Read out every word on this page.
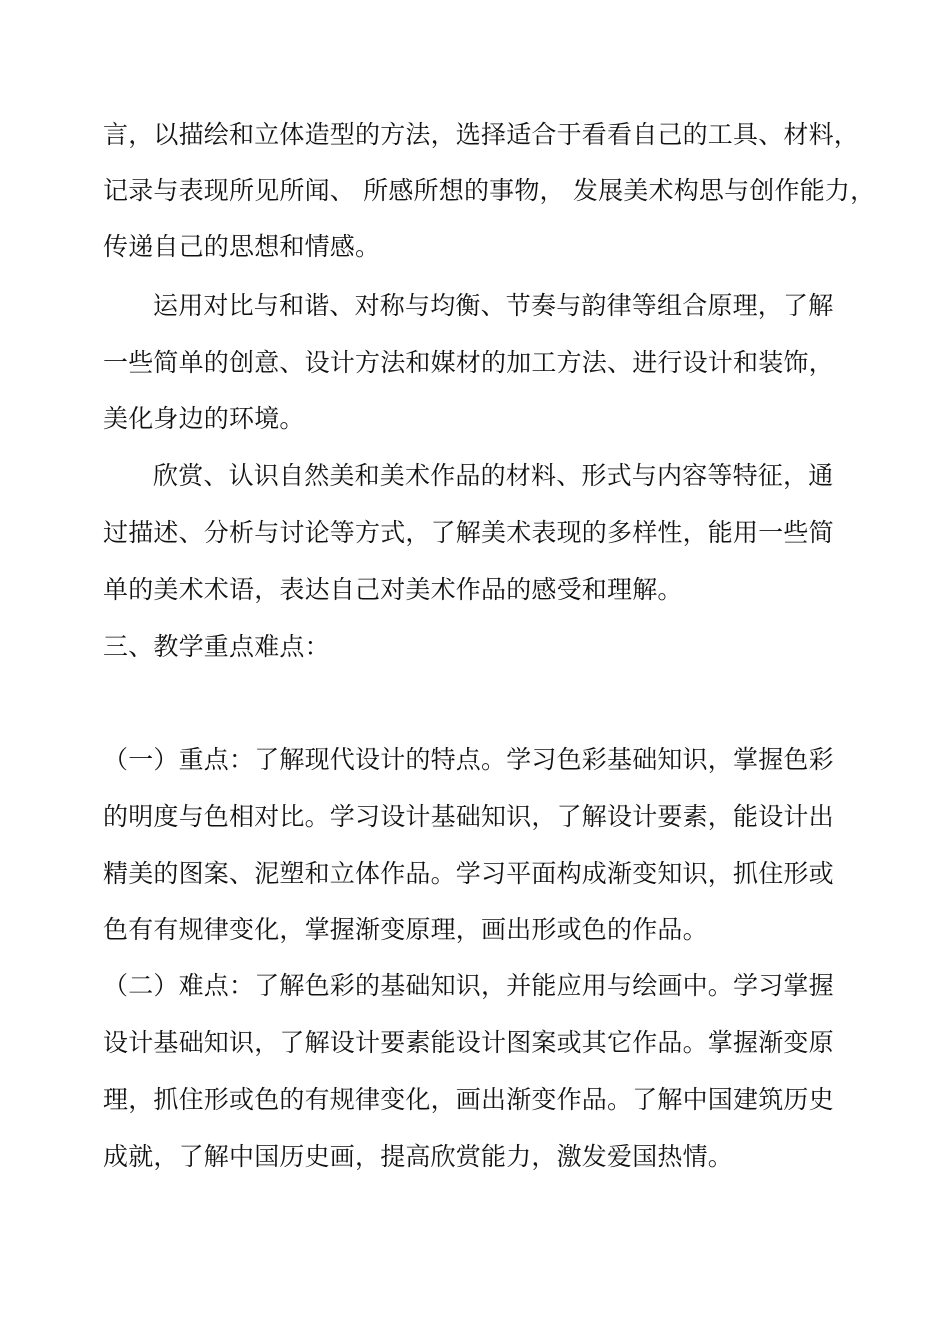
言，以描绘和立体造型的方法，选择适合于看看自己的工具、材料，
记录与表现所见所闻、 所感所想的事物， 发展美术构思与创作能力，
传递自己的思想和情感。
运用对比与和谐、对称与均衡、节奏与韵律等组合原理，了解
一些简单的创意、设计方法和媒材的加工方法、进行设计和装饰，
美化身边的环境。
欣赏、认识自然美和美术作品的材料、形式与内容等特征，通
过描述、分析与讨论等方式，了解美术表现的多样性，能用一些简
单的美术术语，表达自己对美术作品的感受和理解。
三、教学重点难点：
（一）重点：了解现代设计的特点。学习色彩基础知识，掌握色彩
的明度与色相对比。学习设计基础知识，了解设计要素，能设计出
精美的图案、泥塑和立体作品。学习平面构成渐变知识，抓住形或
色有有规律变化，掌握渐变原理，画出形或色的作品。
（二）难点：了解色彩的基础知识，并能应用与绘画中。学习掌握
设计基础知识，了解设计要素能设计图案或其它作品。掌握渐变原
理，抓住形或色的有规律变化，画出渐变作品。了解中国建筑历史
成就，了解中国历史画，提高欣赏能力，激发爱国热情。
